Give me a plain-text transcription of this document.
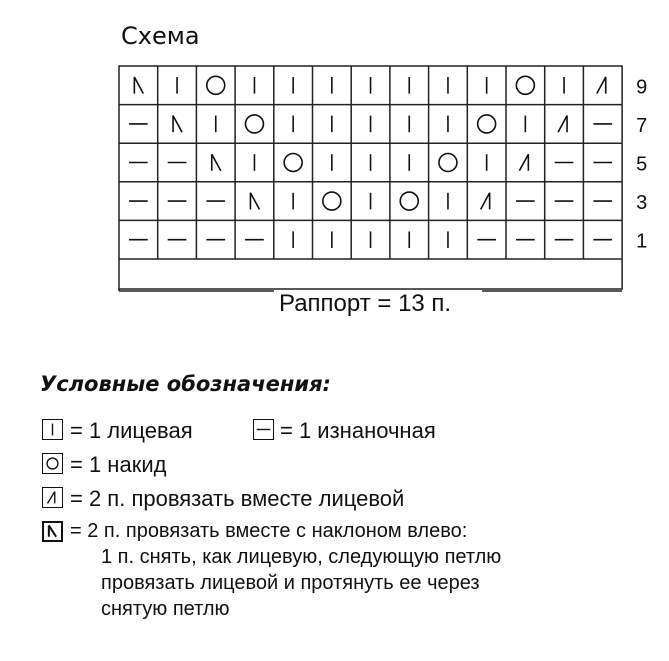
Схема
9
7
5
3
1
Раппорт = 13 п.
Условные обозначения:
= 1 лицевая	= 1 изнаночная
= 1 накид
= 2 п. провязать вместе лицевой
= 2 п. провязать вместе с наклоном влево:
1 п. снять, как лицевую, следующую петлю
провязать лицевой и протянуть ее через
снятую петлю
